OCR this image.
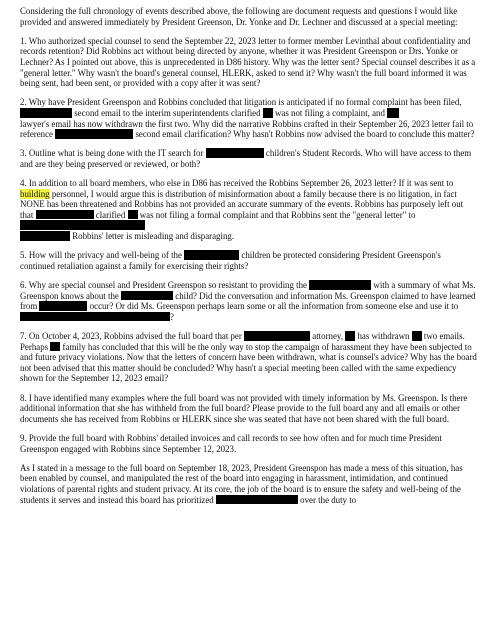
Considering the full chronology of events described above, the following are document requests and questions I would like provided and answered immediately by President Greenson, Dr. Yonke and Dr. Lechner and discussed at a special meeting:

1. Who authorized special counsel to send the September 22, 2023 letter to former member Levinthal about confidentiality and records retention? Did Robbins act without being directed by anyone, whether it was President Greenspon or Drs. Yonke or Lechner? As I pointed out above, this is unprecedented in D86 history. Why was the letter sent? Special counsel describes it as a "general letter." Why wasn't the board's general counsel, HLERK, asked to send it? Why wasn't the full board informed it was being sent, had been sent, or provided with a copy after it was sent?

2. Why have President Greenspon and Robbins concluded that litigation is anticipated if no formal complaint has been filed, second email to the interim superintendents clarified was not filing a complaint, and
lawyer's email has now withdrawn the first two. Why did the narrative Robbins crafted in their September 26, 2023 letter fail to reference	second email clarification? Why hasn't Robbins now advised the board to conclude this matter?

3. Outline what is being done with the IT search for	children's Student Records. Who will have access to them and are they being preserved or reviewed, or both?

4. In addition to all board members, who else in D86 has received the Robbins September 26, 2023 letter? If it was sent to building personnel, I would argue this is distribution of misinformation about a family because there is no litigation, in fact NONE has been threatened and Robbins has not provided an accurate summary of the events. Robbins has purposely left out that	clarified was not filing a formal complaint and that Robbins sent the "general letter" to
Robbins' letter is misleading and disparaging.

5. How will the privacy and well-being of the	children be protected considering President Greenspon's continued retaliation against a family for exercising their rights?

6. Why are special counsel and President Greenspon so resistant to providing the	with a summary of what Ms. Greenspon knows about the	child? Did the conversation and information Ms. Greenspon claimed to have learned from	occur? Or did Ms. Greenspon perhaps learn some or all the information from someone else and use it to ?

7. On October 4, 2023, Robbins advised the full board that per	attorney, has withdrawn two emails. Perhaps family has concluded that this will be the only way to stop the campaign of harassment they have been subjected to and future privacy violations. Now that the letters of concern have been withdrawn, what is counsel's advice? Why has the board not been advised that this matter should be concluded? Why hasn't a special meeting been called with the same expediency shown for the September 12, 2023 email?

8. I have identified many examples where the full board was not provided with timely information by Ms. Greenspon. Is there additional information that she has withheld from the full board? Please provide to the full board any and all emails or other documents she has received from Robbins or HLERK since she was seated that have not been shared with the full board.

9. Provide the full board with Robbins' detailed invoices and call records to see how often and for much time President Greenspon engaged with Robbins since September 12, 2023.

As I stated in a message to the full board on September 18, 2023, President Greenspon has made a mess of this situation, has been enabled by counsel, and manipulated the rest of the board into engaging in harassment, intimidation, and continued violations of parental rights and student privacy. At its core, the job of the board is to ensure the safety and well-being of the students it serves and instead this board has prioritized	over the duty to
